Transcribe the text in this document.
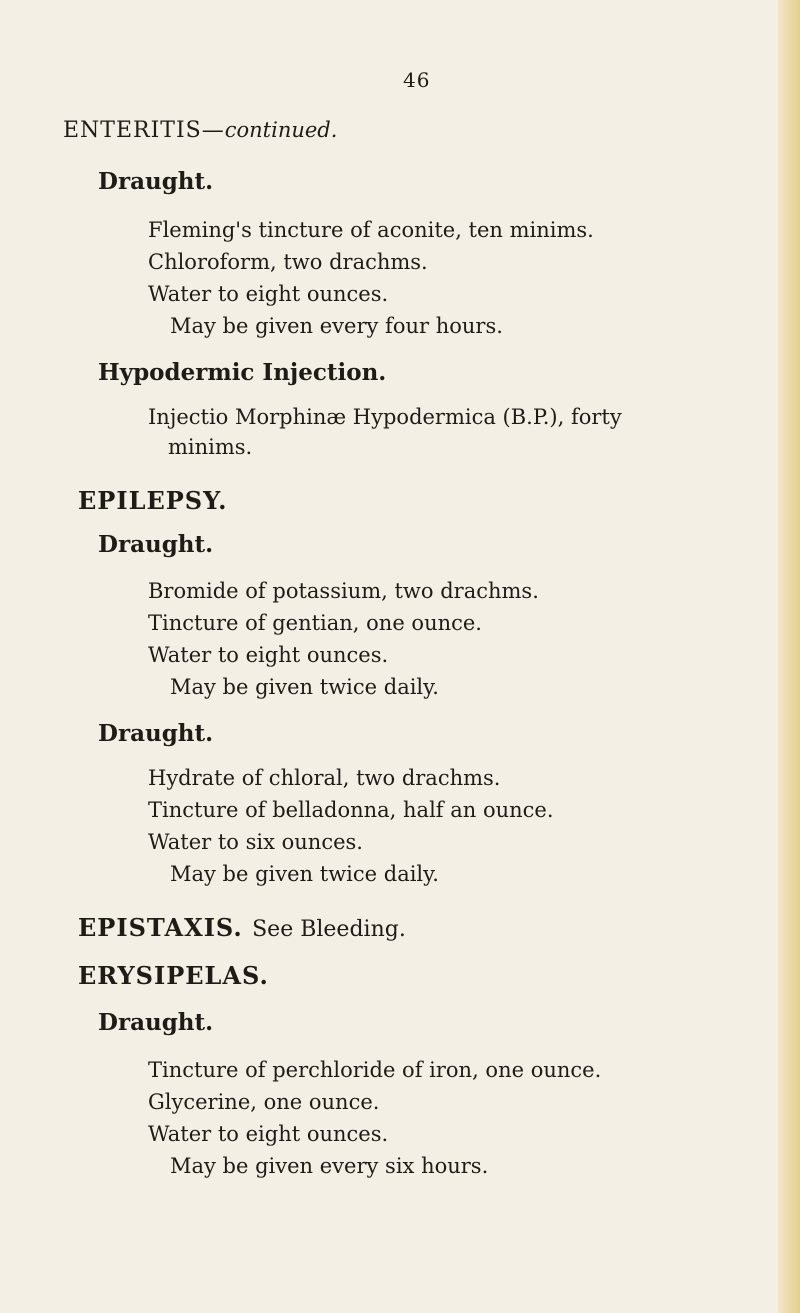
46
ENTERITIS—continued.
Draught.
Fleming's tincture of aconite, ten minims.
Chloroform, two drachms.
Water to eight ounces.
May be given every four hours.
Hypodermic Injection.
Injectio Morphinæ Hypodermica (B.P.), forty
minims.
EPILEPSY.
Draught.
Bromide of potassium, two drachms.
Tincture of gentian, one ounce.
Water to eight ounces.
May be given twice daily.
Draught.
Hydrate of chloral, two drachms.
Tincture of belladonna, half an ounce.
Water to six ounces.
May be given twice daily.
EPISTAXIS. See Bleeding.
ERYSIPELAS.
Draught.
Tincture of perchloride of iron, one ounce.
Glycerine, one ounce.
Water to eight ounces.
May be given every six hours.
